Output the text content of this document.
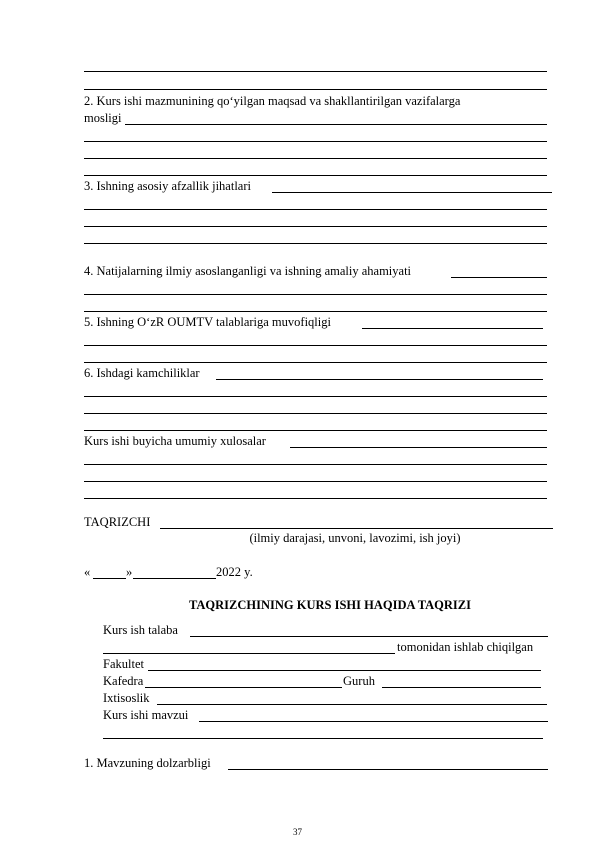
2. Kurs ishi mazmunining qo‘yilgan maqsad va shakllantirilgan vazifalarga
mosligi
3. Ishning asosiy afzallik jihatlari
4. Natijalarning ilmiy asoslanganligi va ishning amaliy ahamiyati
5. Ishning O‘zR OUMTV talablariga muvofiqligi
6. Ishdagi kamchiliklar
Kurs ishi buyicha umumiy xulosalar
TAQRIZCHI
(ilmiy darajasi, unvoni, lavozimi, ish joyi)
«	»	2022 y.
TAQRIZCHINING KURS ISHI HAQIDA TAQRIZI
Kurs ish talaba
tomonidan ishlab chiqilgan
Fakultet
Kafedra	Guruh
Ixtisoslik
Kurs ishi mavzui
1. Mavzuning dolzarbligi
37
